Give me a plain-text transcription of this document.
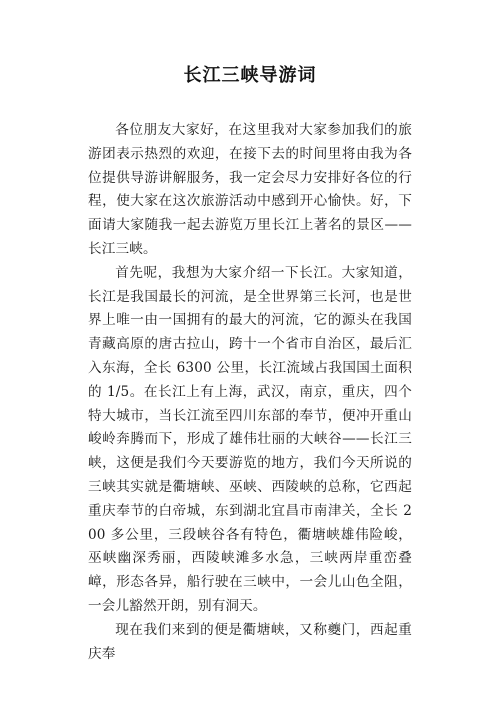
长江三峡导游词

各位朋友大家好，在这里我对大家参加我们的旅游团表示热烈的欢迎，在接下去的时间里将由我为各位提供导游讲解服务，我一定会尽力安排好各位的行程，使大家在这次旅游活动中感到开心愉快。好，下面请大家随我一起去游览万里长江上著名的景区——长江三峡。

首先呢，我想为大家介绍一下长江。大家知道，长江是我国最长的河流，是全世界第三长河，也是世界上唯一由一国拥有的最大的河流，它的源头在我国青藏高原的唐古拉山，跨十一个省市自治区，最后汇入东海，全长 6300 公里，长江流域占我国国土面积的 1/5。在长江上有上海，武汉，南京，重庆，四个特大城市，当长江流至四川东部的奉节，便冲开重山峻岭奔腾而下，形成了雄伟壮丽的大峡谷——长江三峡，这便是我们今天要游览的地方，我们今天所说的三峡其实就是衢塘峡、巫峡、西陵峡的总称，它西起重庆奉节的白帝城，东到湖北宜昌市南津关，全长 200 多公里，三段峡谷各有特色，衢塘峡雄伟险峻，巫峡幽深秀丽，西陵峡滩多水急，三峡两岸重峦叠嶂，形态各异，船行驶在三峡中，一会儿山色全阻，一会儿豁然开朗，别有洞天。

现在我们来到的便是衢塘峡，又称夔门，西起重庆奉
